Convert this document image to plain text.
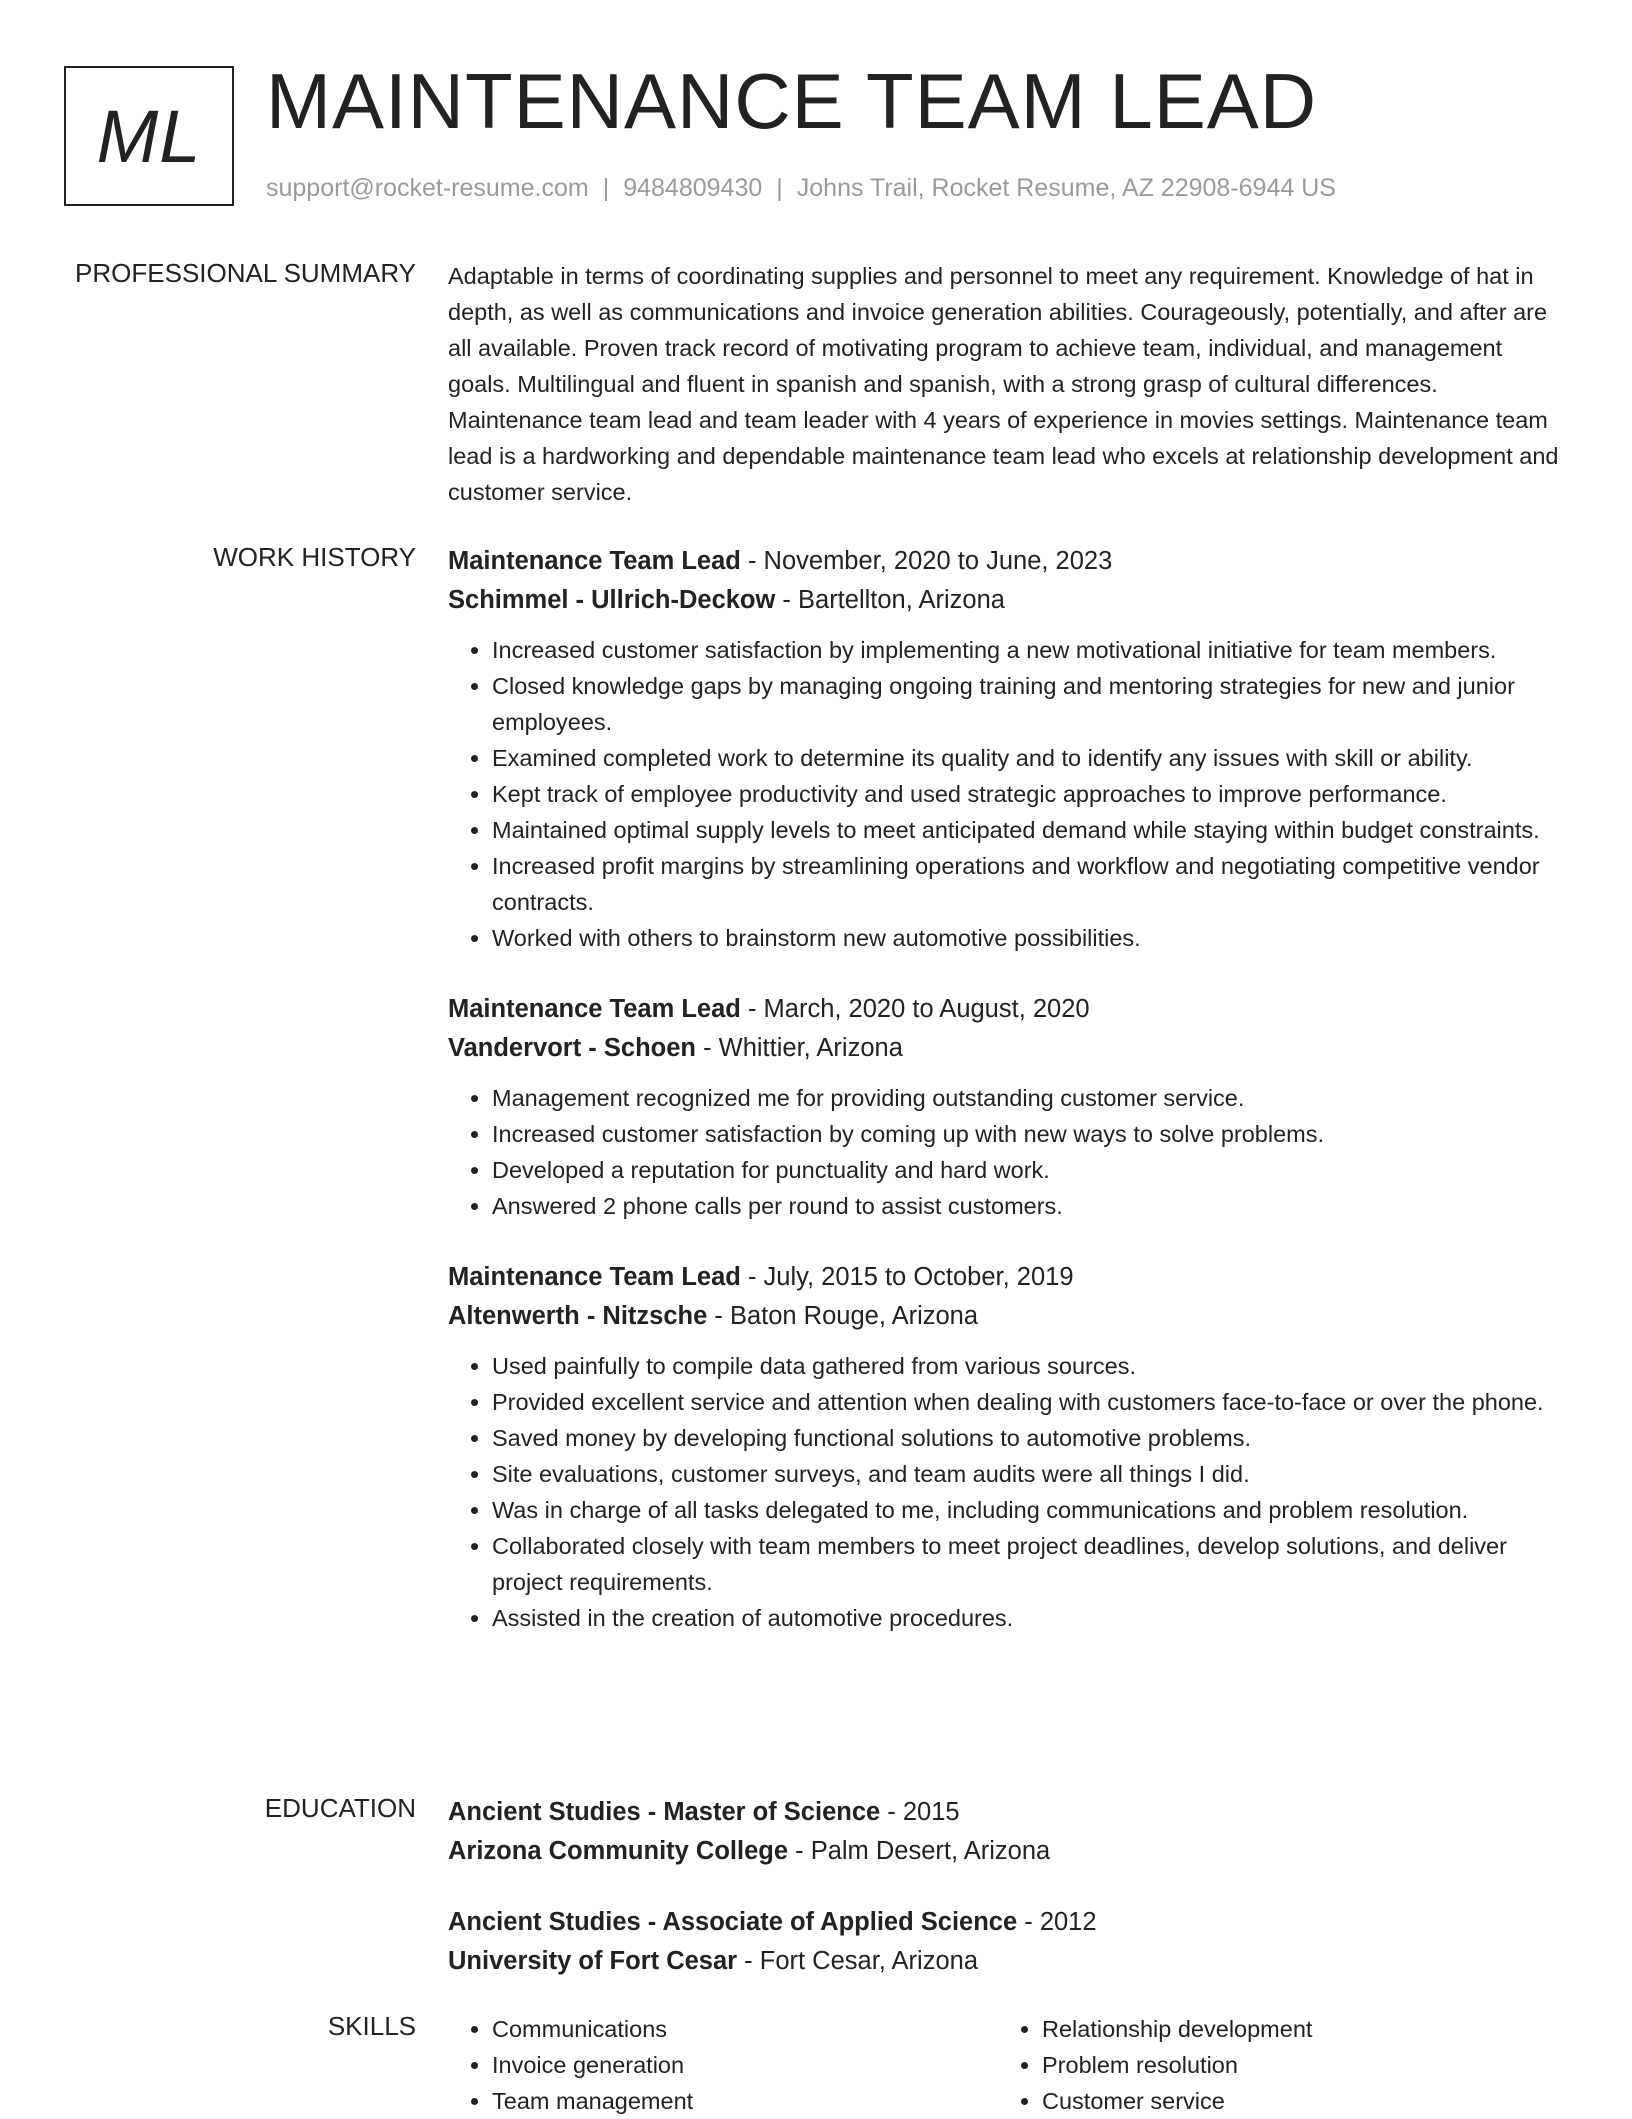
ML MAINTENANCE TEAM LEAD
support@rocket-resume.com | 9484809430 | Johns Trail, Rocket Resume, AZ 22908-6944 US
PROFESSIONAL SUMMARY Adaptable in terms of coordinating supplies and personnel to meet any requirement. Knowledge of hat in depth, as well as communications and invoice generation abilities. Courageously, potentially, and after are all available. Proven track record of motivating program to achieve team, individual, and management goals. Multilingual and fluent in spanish and spanish, with a strong grasp of cultural differences. Maintenance team lead and team leader with 4 years of experience in movies settings. Maintenance team lead is a hardworking and dependable maintenance team lead who excels at relationship development and customer service.

WORK HISTORY Maintenance Team Lead - November, 2020 to June, 2023
Schimmel - Ullrich-Deckow - Bartellton, Arizona
• Increased customer satisfaction by implementing a new motivational initiative for team members.
• Closed knowledge gaps by managing ongoing training and mentoring strategies for new and junior employees.
• Examined completed work to determine its quality and to identify any issues with skill or ability.
• Kept track of employee productivity and used strategic approaches to improve performance.
• Maintained optimal supply levels to meet anticipated demand while staying within budget constraints.
• Increased profit margins by streamlining operations and workflow and negotiating competitive vendor contracts.
• Worked with others to brainstorm new automotive possibilities.
Maintenance Team Lead - March, 2020 to August, 2020
Vandervort - Schoen - Whittier, Arizona
• Management recognized me for providing outstanding customer service.
• Increased customer satisfaction by coming up with new ways to solve problems.
• Developed a reputation for punctuality and hard work.
• Answered 2 phone calls per round to assist customers.
Maintenance Team Lead - July, 2015 to October, 2019
Altenwerth - Nitzsche - Baton Rouge, Arizona
• Used painfully to compile data gathered from various sources.
• Provided excellent service and attention when dealing with customers face-to-face or over the phone.
• Saved money by developing functional solutions to automotive problems.
• Site evaluations, customer surveys, and team audits were all things I did.
• Was in charge of all tasks delegated to me, including communications and problem resolution.
• Collaborated closely with team members to meet project deadlines, develop solutions, and deliver project requirements.
• Assisted in the creation of automotive procedures.
EDUCATION Ancient Studies - Master of Science - 2015
Arizona Community College - Palm Desert, Arizona
Ancient Studies - Associate of Applied Science - 2012
University of Fort Cesar - Fort Cesar, Arizona
SKILLS
•	Communications
• Invoice generation
• Team management
• Relationship development
• Problem resolution
• Customer service
